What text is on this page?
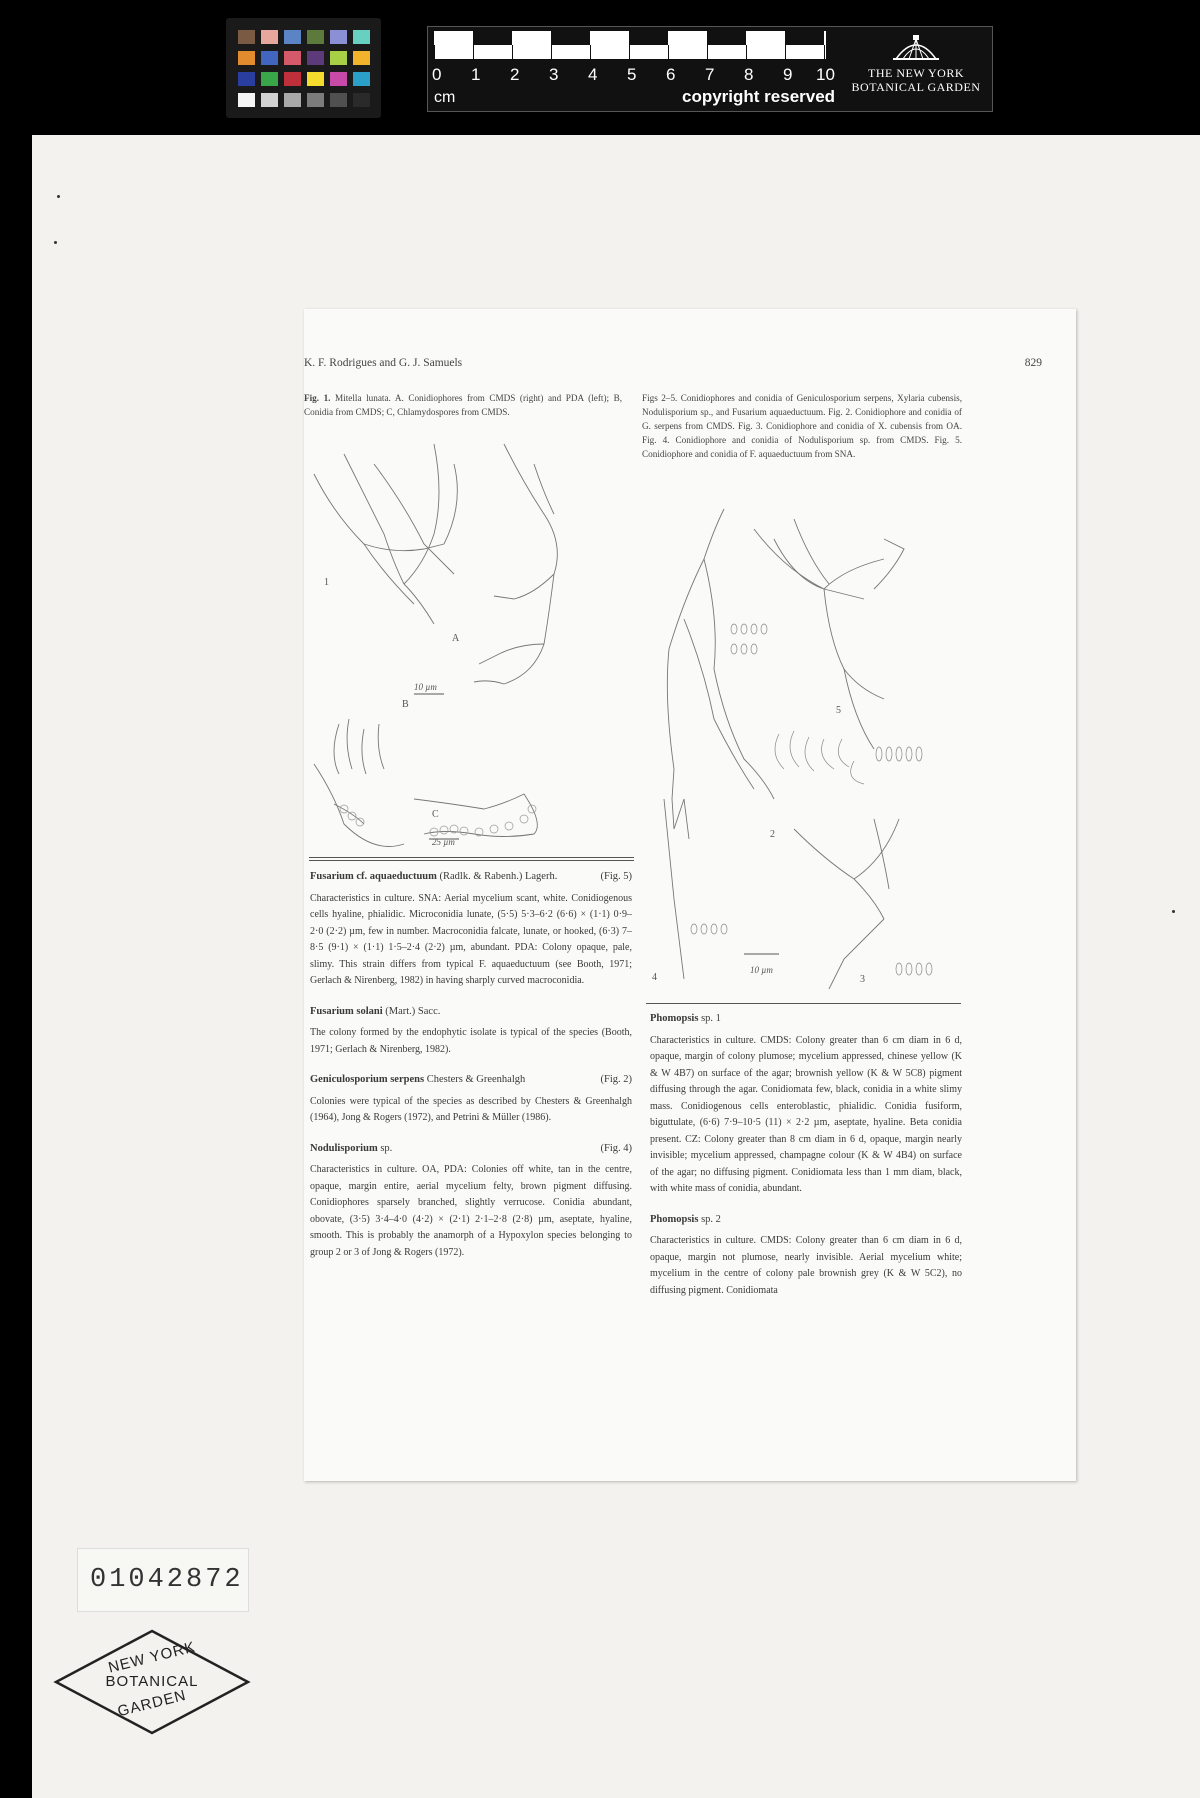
0 1 2 3 4 5 6 7 8 9 10
cm	copyright reserved
THE NEW YORK
BOTANICAL GARDEN
K. F. Rodrigues and G. J. Samuels	829
Fig. 1. Mitella lunata. A. Conidiophores from CMDS (right) and PDA (left); B, Conidia from CMDS; C, Chlamydospores from CMDS.
Figs 2–5. Conidiophores and conidia of Geniculosporium serpens, Xylaria cubensis, Nodulisporium sp., and Fusarium aquaeductuum. Fig. 2. Conidiophore and conidia of G. serpens from CMDS. Fig. 3. Conidiophore and conidia of X. cubensis from OA. Fig. 4. Conidiophore and conidia of Nodulisporium sp. from CMDS. Fig. 5. Conidiophore and conidia of F. aquaeductuum from SNA.
1
A
B
C
10 µm
25 µm
2
3
4
5
10 µm
Fusarium cf. aquaeductuum (Radlk. & Rabenh.) Lagerh.	(Fig. 5)

Characteristics in culture. SNA: Aerial mycelium scant, white. Conidiogenous cells hyaline, phialidic. Microconidia lunate, (5·5) 5·3–6·2 (6·6) × (1·1) 0·9–2·0 (2·2) µm, few in number. Macroconidia falcate, lunate, or hooked, (6·3) 7–8·5 (9·1) × (1·1) 1·5–2·4 (2·2) µm, abundant. PDA: Colony opaque, pale, slimy. This strain differs from typical F. aquaeductuum (see Booth, 1971; Gerlach & Nirenberg, 1982) in having sharply curved macroconidia.

Fusarium solani (Mart.) Sacc.

The colony formed by the endophytic isolate is typical of the species (Booth, 1971; Gerlach & Nirenberg, 1982).

Geniculosporium serpens Chesters & Greenhalgh	(Fig. 2)

Colonies were typical of the species as described by Chesters & Greenhalgh (1964), Jong & Rogers (1972), and Petrini & Müller (1986).

Nodulisporium sp.	(Fig. 4)

Characteristics in culture. OA, PDA: Colonies off white, tan in the centre, opaque, margin entire, aerial mycelium felty, brown pigment diffusing. Conidiophores sparsely branched, slightly verrucose. Conidia abundant, obovate, (3·5) 3·4–4·0 (4·2) × (2·1) 2·1–2·8 (2·8) µm, aseptate, hyaline, smooth. This is probably the anamorph of a Hypoxylon species belonging to group 2 or 3 of Jong & Rogers (1972).

Phomopsis sp. 1

Characteristics in culture. CMDS: Colony greater than 6 cm diam in 6 d, opaque, margin of colony plumose; mycelium appressed, chinese yellow (K & W 4B7) on surface of the agar; brownish yellow (K & W 5C8) pigment diffusing through the agar. Conidiomata few, black, conidia in a white slimy mass. Conidiogenous cells enteroblastic, phialidic. Conidia fusiform, biguttulate, (6·6) 7·9–10·5 (11) × 2·2 µm, aseptate, hyaline. Beta conidia present. CZ: Colony greater than 8 cm diam in 6 d, opaque, margin nearly invisible; mycelium appressed, champagne colour (K & W 4B4) on surface of the agar; no diffusing pigment. Conidiomata less than 1 mm diam, black, with white mass of conidia, abundant.

Phomopsis sp. 2

Characteristics in culture. CMDS: Colony greater than 6 cm diam in 6 d, opaque, margin not plumose, nearly invisible. Aerial mycelium white; mycelium in the centre of colony pale brownish grey (K & W 5C2), no diffusing pigment. Conidiomata

01042872
NEW YORK
BOTANICAL
GARDEN
